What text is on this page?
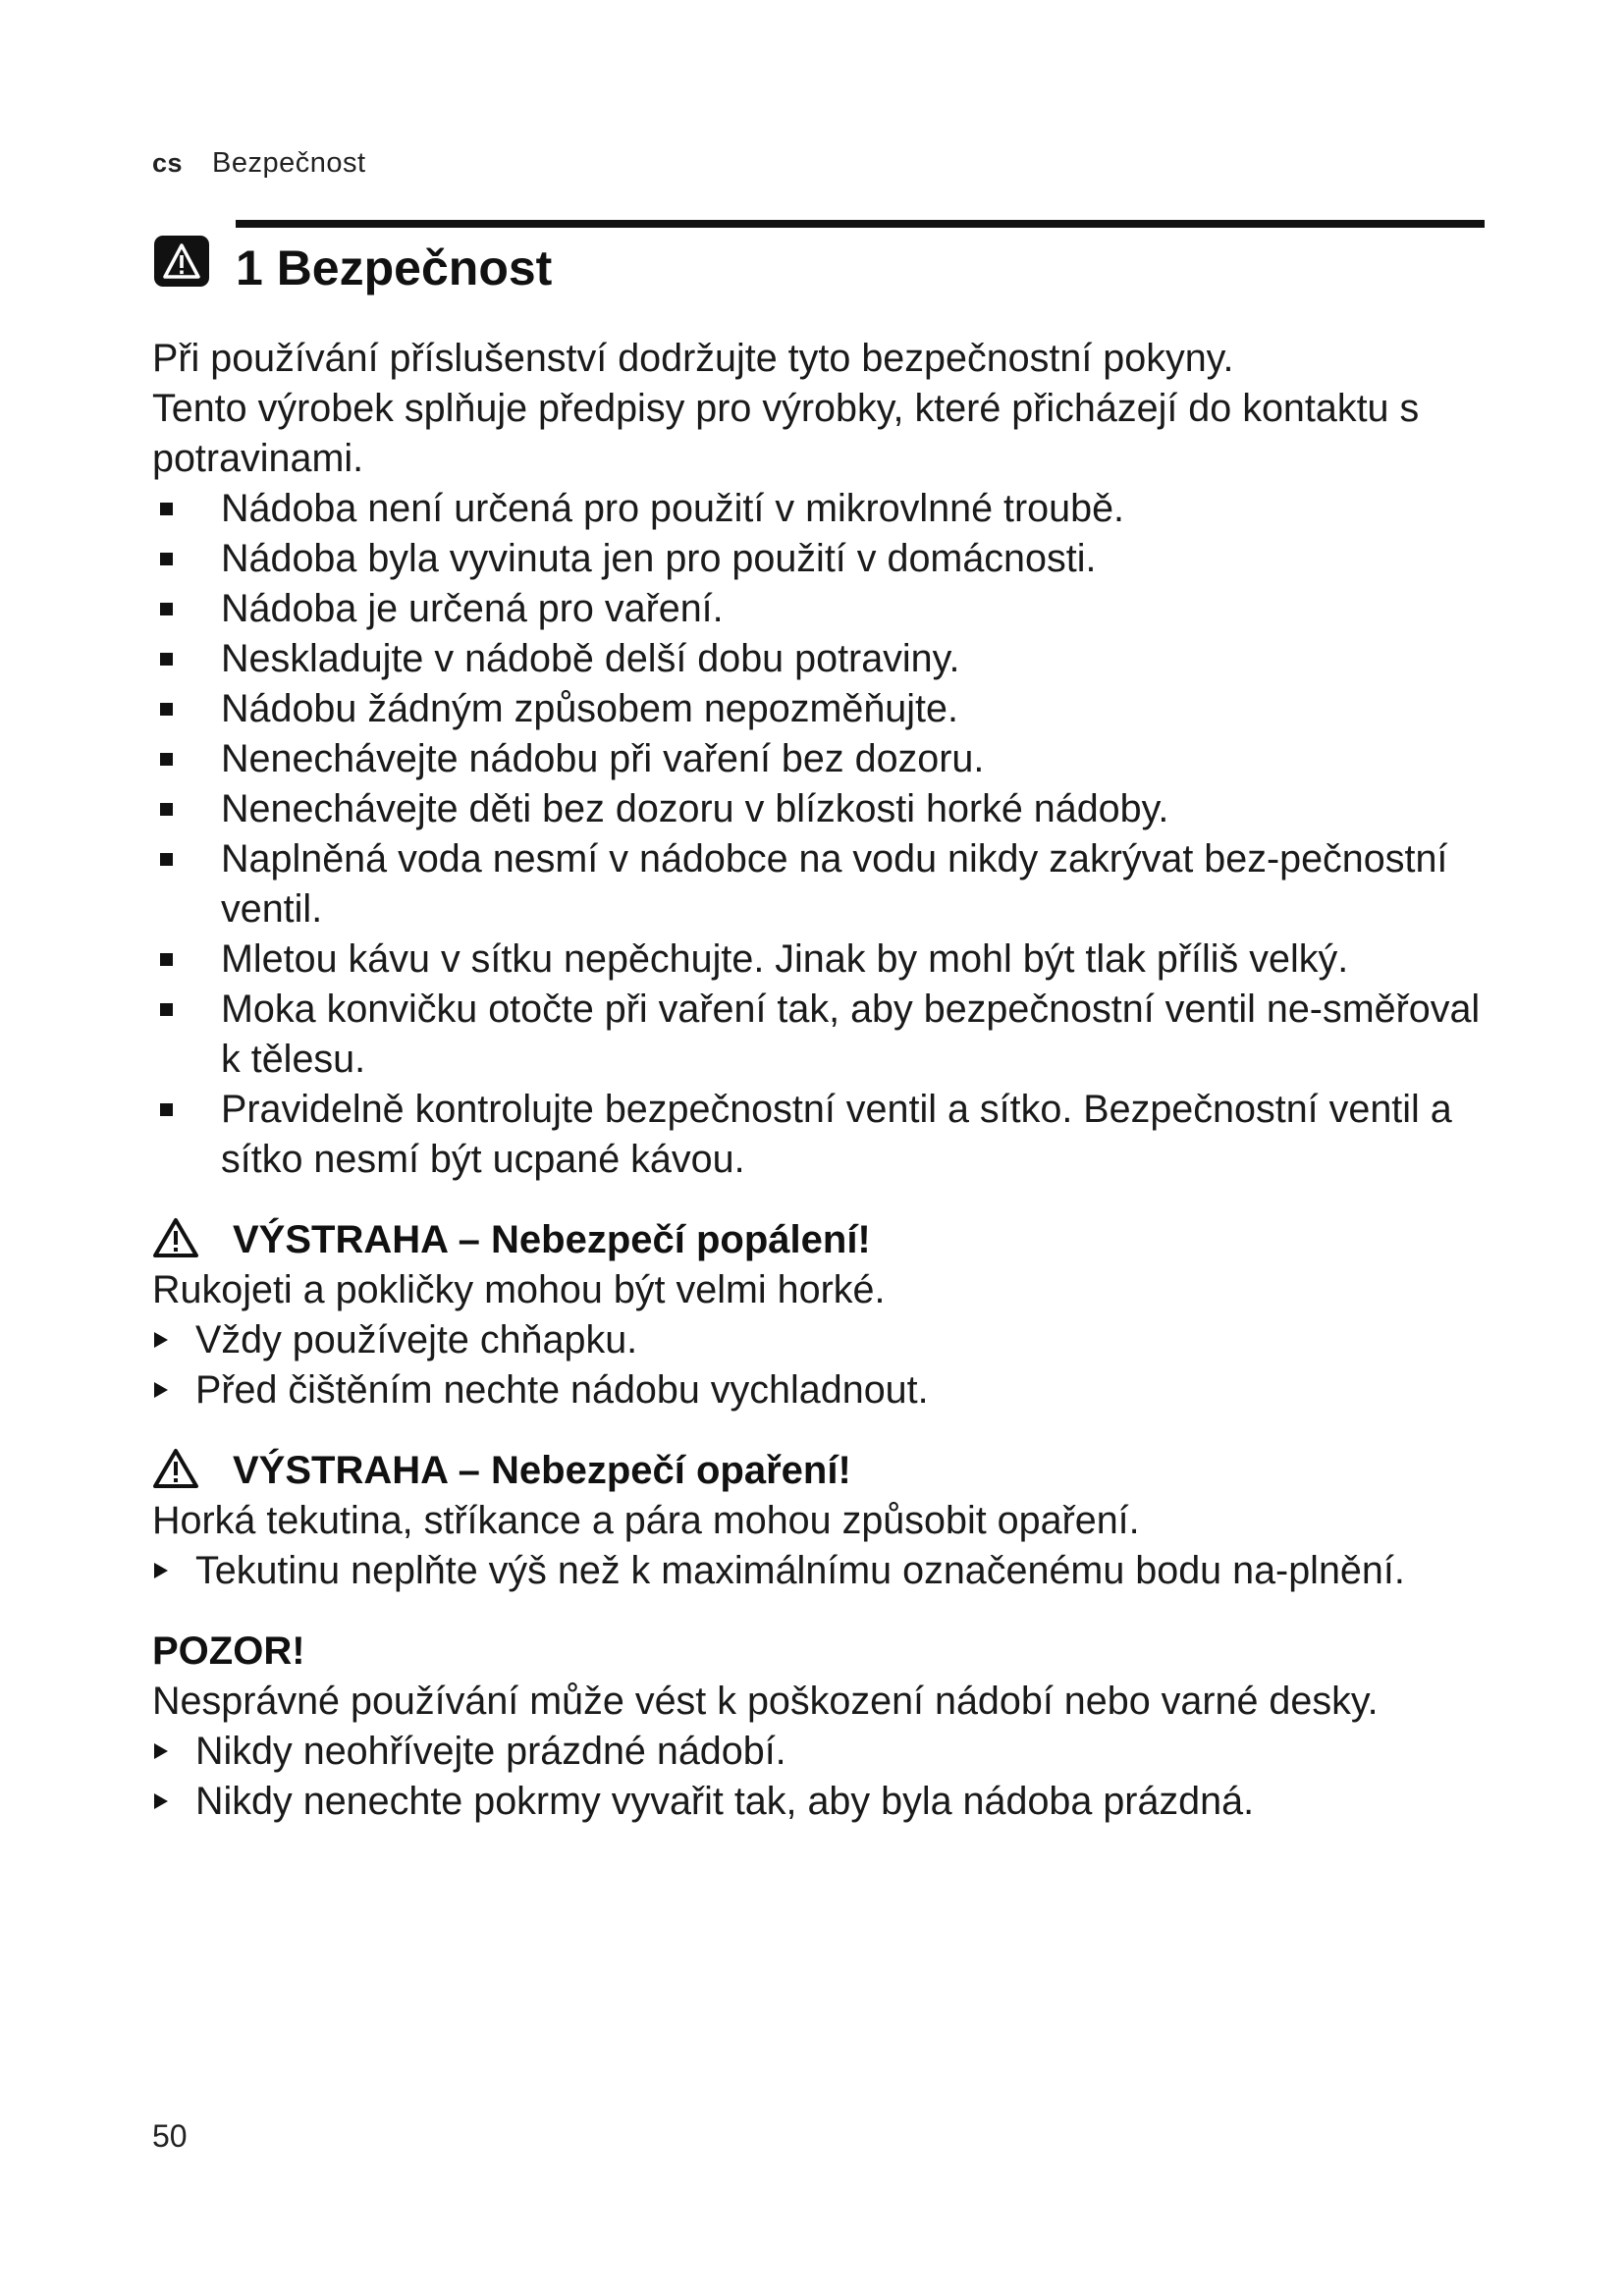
cs Bezpečnost
1 Bezpečnost

Při používání příslušenství dodržujte tyto bezpečnostní pokyny.

Tento výrobek splňuje předpisy pro výrobky, které přicházejí do kontaktu s potravinami.

Nádoba není určená pro použití v mikrovlnné troubě.
Nádoba byla vyvinuta jen pro použití v domácnosti.
Nádoba je určená pro vaření.
Neskladujte v nádobě delší dobu potraviny.
Nádobu žádným způsobem nepozměňujte.
Nenechávejte nádobu při vaření bez dozoru.
Nenechávejte děti bez dozoru v blízkosti horké nádoby.
Naplněná voda nesmí v nádobce na vodu nikdy zakrývat bez-pečnostní ventil.
Mletou kávu v sítku nepěchujte. Jinak by mohl být tlak příliš velký.
Moka konvičku otočte při vaření tak, aby bezpečnostní ventil ne-směřoval k tělesu.
Pravidelně kontrolujte bezpečnostní ventil a sítko. Bezpečnostní ventil a sítko nesmí být ucpané kávou.
VÝSTRAHA – Nebezpečí popálení!

Rukojeti a pokličky mohou být velmi horké.

Vždy používejte chňapku.
Před čištěním nechte nádobu vychladnout.
VÝSTRAHA – Nebezpečí opaření!

Horká tekutina, stříkance a pára mohou způsobit opaření.

Tekutinu neplňte výš než k maximálnímu označenému bodu na-plnění.
POZOR!

Nesprávné používání může vést k poškození nádobí nebo varné desky.

Nikdy neohřívejte prázdné nádobí.
Nikdy nenechte pokrmy vyvařit tak, aby byla nádoba prázdná.
50
